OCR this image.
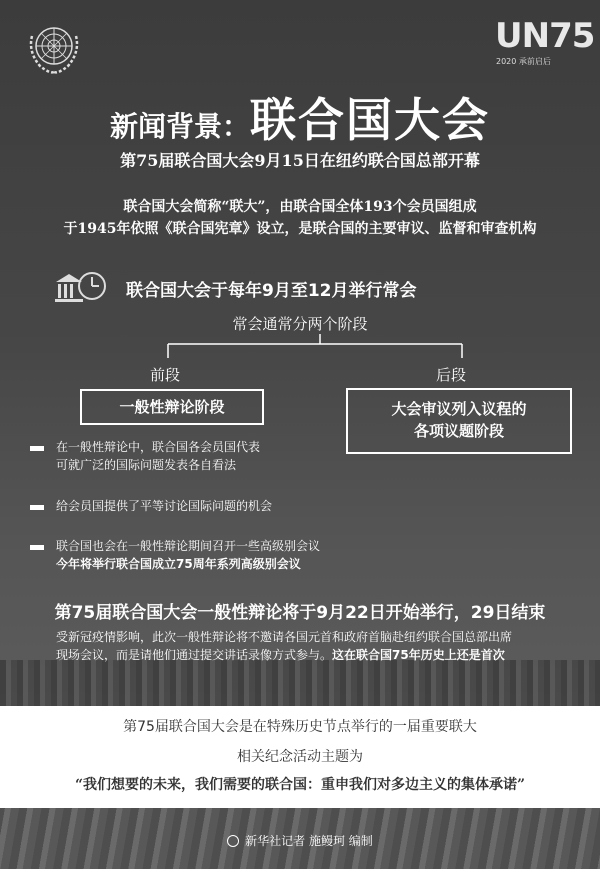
UN75
2020 承前启后
新闻背景：联合国大会
第75届联合国大会9月15日在纽约联合国总部开幕
联合国大会简称“联大”，由联合国全体193个会员国组成
于1945年依照《联合国宪章》设立，是联合国的主要审议、监督和审查机构
联合国大会于每年9月至12月举行常会
常会通常分两个阶段
前段	后段
一般性辩论阶段	大会审议列入议程的
各项议题阶段
在一般性辩论中，联合国各会员国代表
可就广泛的国际问题发表各自看法
给会员国提供了平等讨论国际问题的机会
联合国也会在一般性辩论期间召开一些高级别会议
今年将举行联合国成立75周年系列高级别会议
第75届联合国大会一般性辩论将于9月22日开始举行，29日结束
受新冠疫情影响，此次一般性辩论将不邀请各国元首和政府首脑赴纽约联合国总部出席
现场会议，而是请他们通过提交讲话录像方式参与。这在联合国75年历史上还是首次
第75届联合国大会是在特殊历史节点举行的一届重要联大
相关纪念活动主题为
“我们想要的未来，我们需要的联合国：重申我们对多边主义的集体承诺”
新华社记者 施鳗珂 编制
